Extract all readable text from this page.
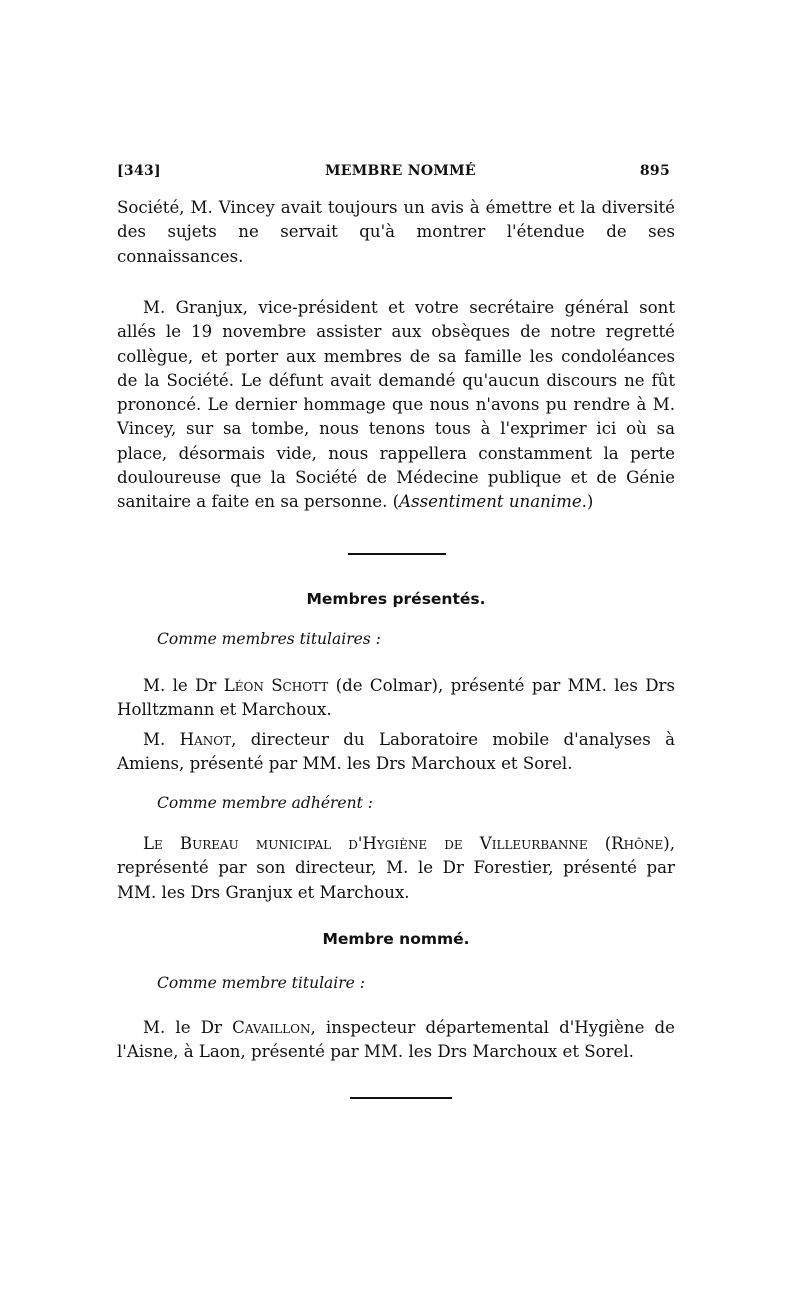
[343]	MEMBRE NOMMÉ	895

Société, M. Vincey avait toujours un avis à émettre et la diversité des sujets ne servait qu'à montrer l'étendue de ses connaissances.

M. Granjux, vice-président et votre secrétaire général sont allés le 19 novembre assister aux obsèques de notre regretté collègue, et porter aux membres de sa famille les condoléances de la Société. Le défunt avait demandé qu'aucun discours ne fût prononcé. Le dernier hommage que nous n'avons pu rendre à M. Vincey, sur sa tombe, nous tenons tous à l'exprimer ici où sa place, désormais vide, nous rappellera constamment la perte douloureuse que la Société de Médecine publique et de Génie sanitaire a faite en sa personne. (Assentiment unanime.)

Membres présentés.
Comme membres titulaires :

M. le Dr Léon Schott (de Colmar), présenté par MM. les Drs Holltzmann et Marchoux.

M. Hanot, directeur du Laboratoire mobile d'analyses à Amiens, présenté par MM. les Drs Marchoux et Sorel.

Comme membre adhérent :

Le Bureau municipal d'Hygiène de Villeurbanne (Rhône), représenté par son directeur, M. le Dr Forestier, présenté par MM. les Drs Granjux et Marchoux.

Membre nommé.
Comme membre titulaire :

M. le Dr Cavaillon, inspecteur départemental d'Hygiène de l'Aisne, à Laon, présenté par MM. les Drs Marchoux et Sorel.
